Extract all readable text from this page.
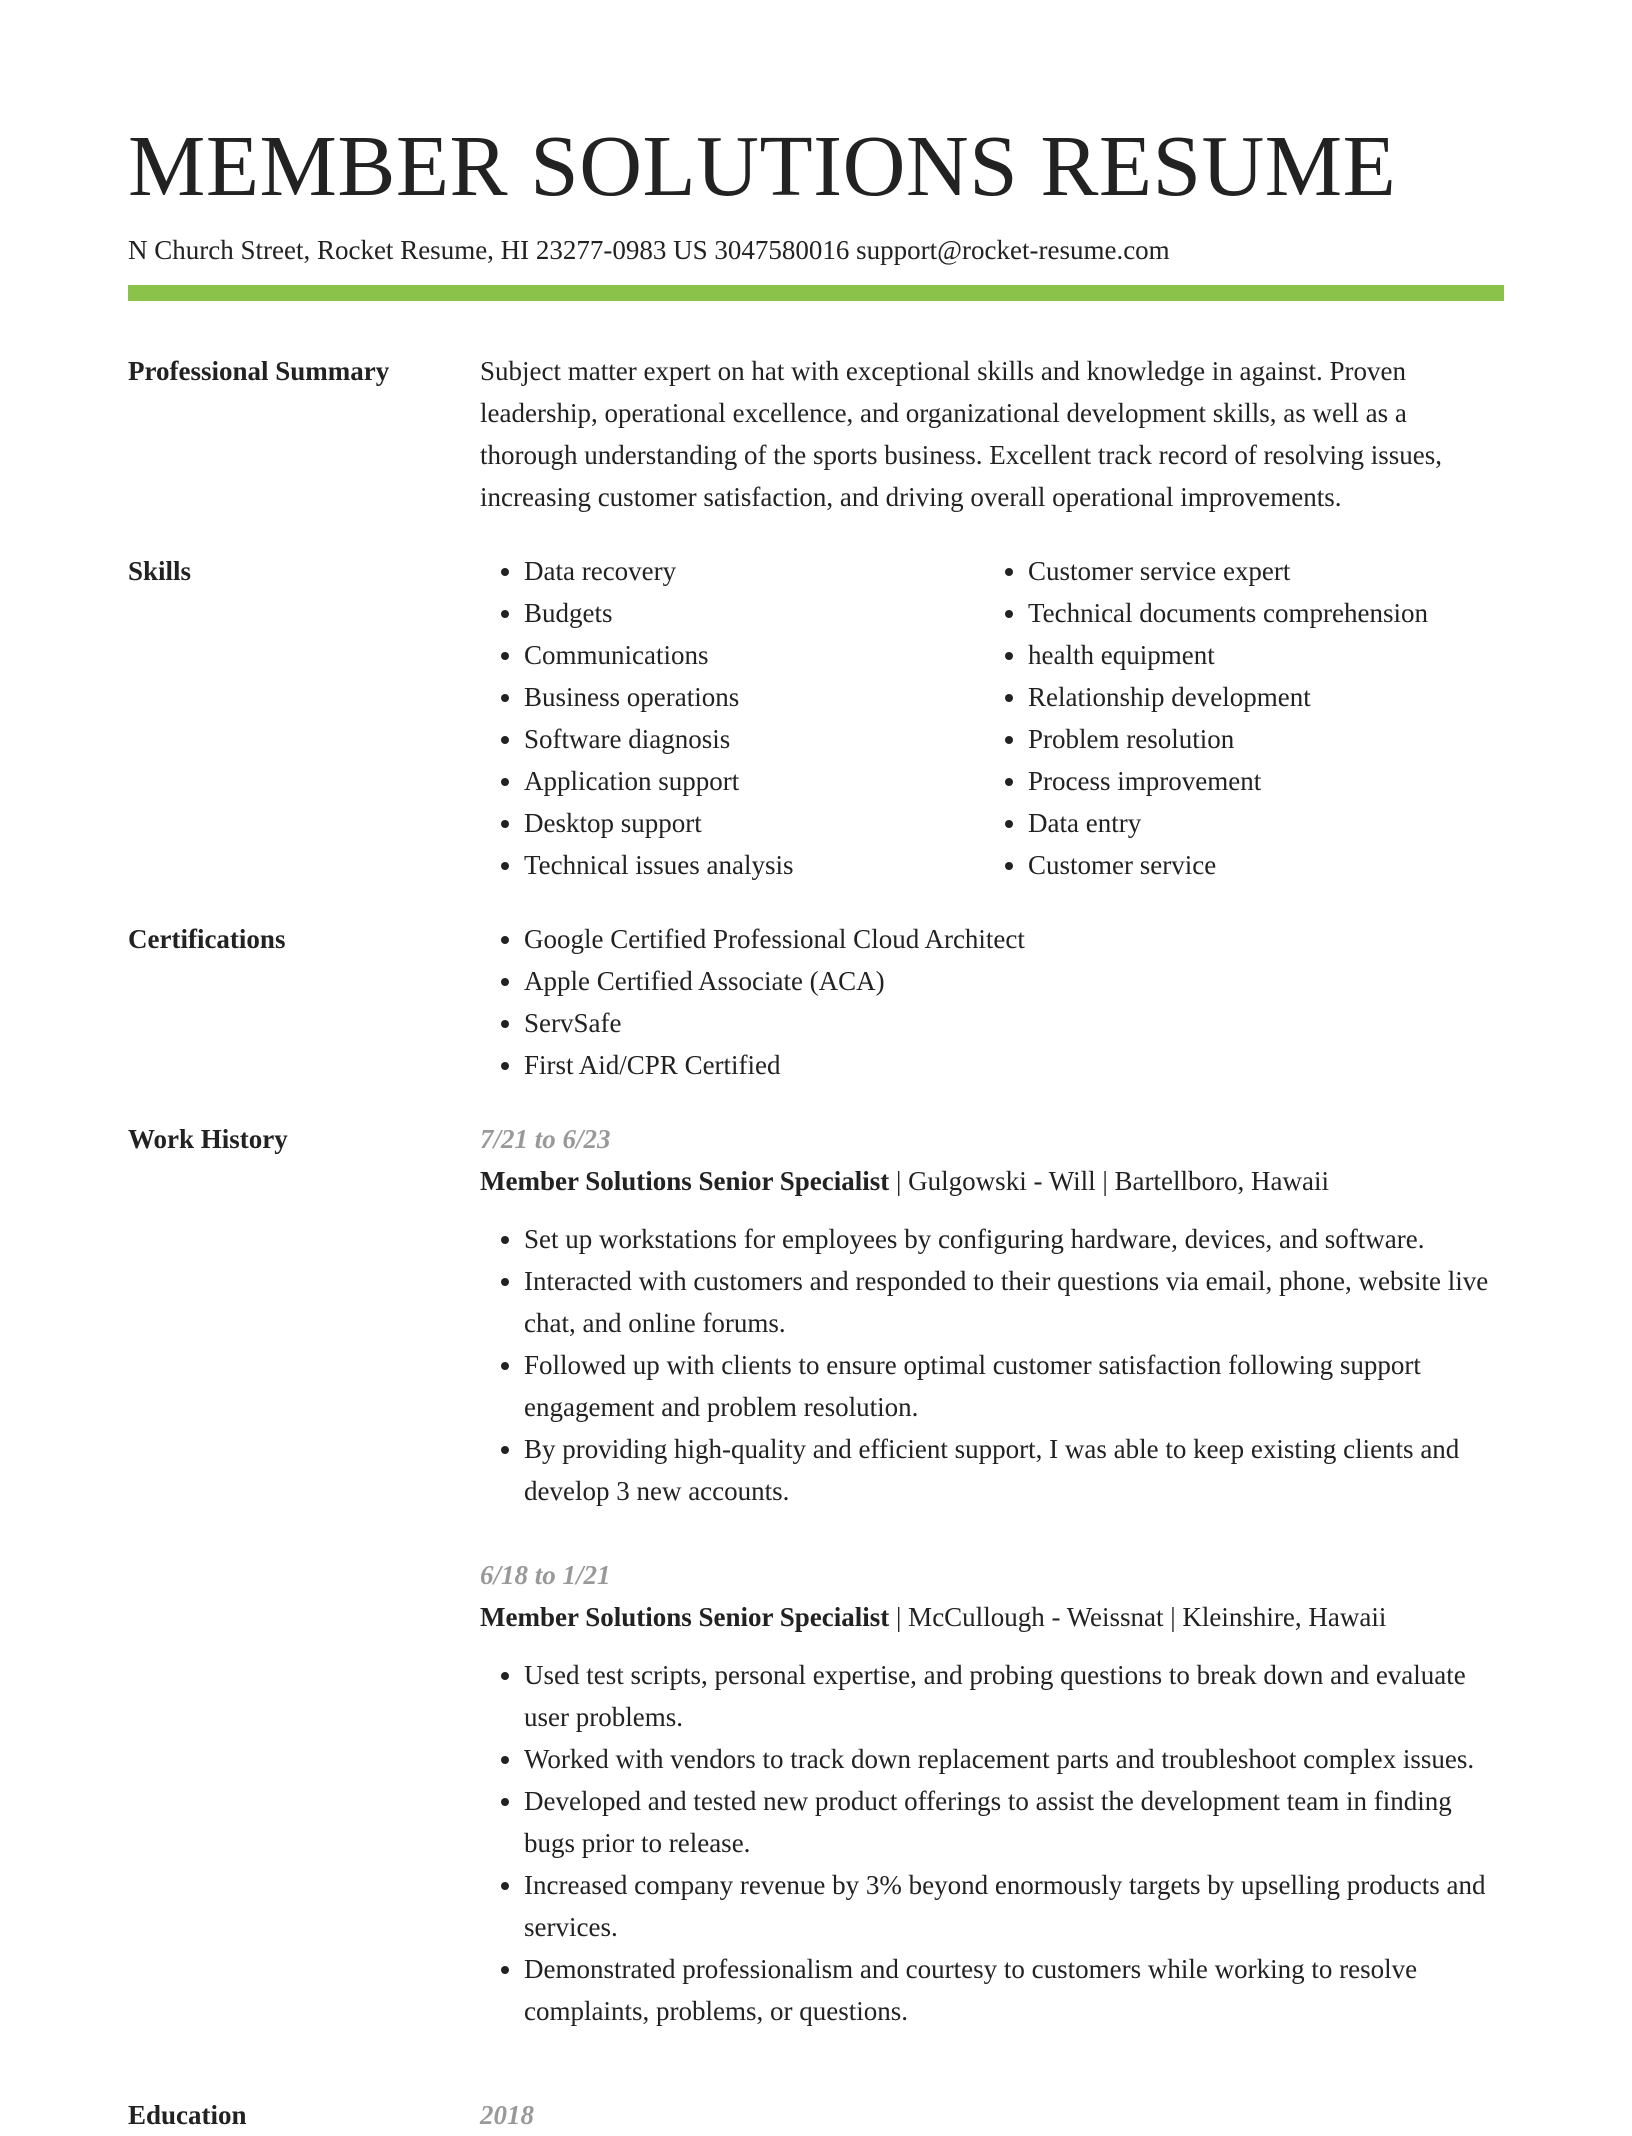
MEMBER SOLUTIONS RESUME
N Church Street, Rocket Resume, HI 23277-0983 US 3047580016 support@rocket-resume.com
Professional Summary	Subject matter expert on hat with exceptional skills and knowledge in against. Proven leadership, operational excellence, and organizational development skills, as well as a thorough understanding of the sports business. Excellent track record of resolving issues, increasing customer satisfaction, and driving overall operational improvements.

Skills	• Data recovery
• Budgets
• Communications
• Business operations
• Software diagnosis
• Application support
• Desktop support
• Technical issues analysis
• Customer service expert
• Technical documents comprehension
• health equipment
• Relationship development
• Problem resolution
• Process improvement
• Data entry
• Customer service
Certifications	• Google Certified Professional Cloud Architect
• Apple Certified Associate (ACA)
• ServSafe
• First Aid/CPR Certified
Work History	7/21 to 6/23
Member Solutions Senior Specialist | Gulgowski - Will | Bartellboro, Hawaii
• Set up workstations for employees by configuring hardware, devices, and software.
• Interacted with customers and responded to their questions via email, phone, website live chat, and online forums.
• Followed up with clients to ensure optimal customer satisfaction following support engagement and problem resolution.
• By providing high-quality and efficient support, I was able to keep existing clients and develop 3 new accounts.
6/18 to 1/21
Member Solutions Senior Specialist | McCullough - Weissnat | Kleinshire, Hawaii
• Used test scripts, personal expertise, and probing questions to break down and evaluate user problems.
• Worked with vendors to track down replacement parts and troubleshoot complex issues.
• Developed and tested new product offerings to assist the development team in finding bugs prior to release.
• Increased company revenue by 3% beyond enormously targets by upselling products and services.
• Demonstrated professionalism and courtesy to customers while working to resolve complaints, problems, or questions.
Education	2018
